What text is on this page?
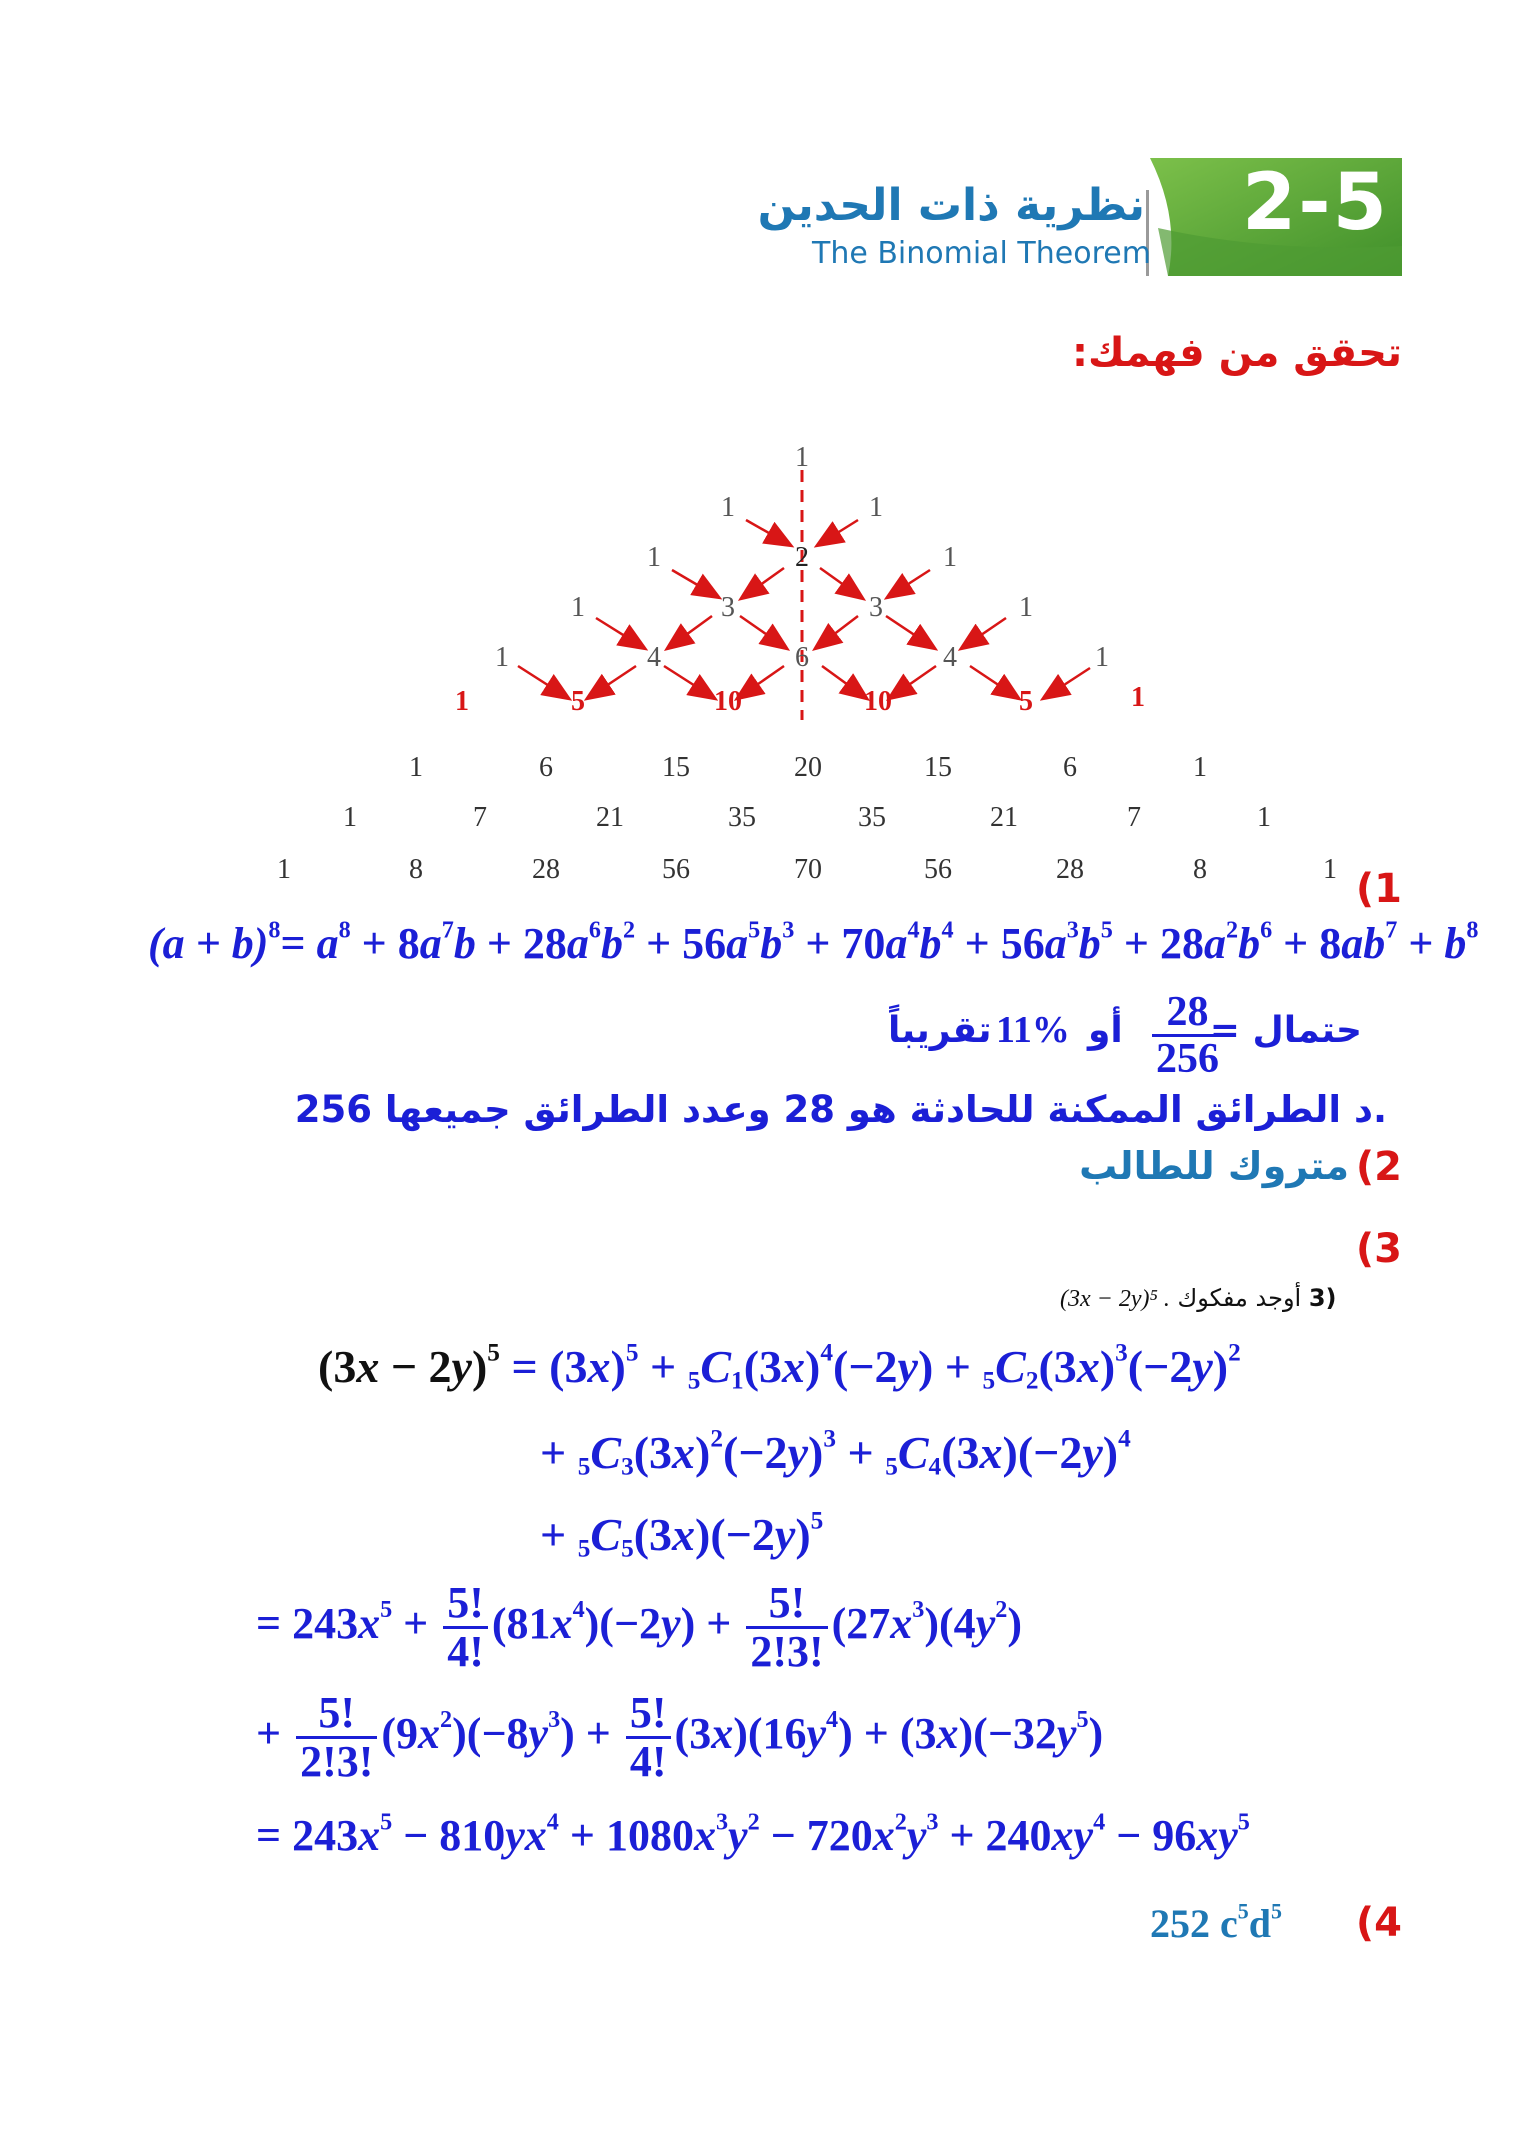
2-5
نظرية ذات الحدين
The Binomial Theorem
تحقق من فهمك:
1
1	1
1	2	1
1	3	3	1
1	4	6	4	1
1	5	10	10	5	1
1	6	15	20	15	6	1
1	7	21	35	35	21	7	1
1	8	28	56	70	56	28	8	1 1)
$(a + b)^8= a^8 + 8a^7b + 28a^6b^2 + 56a^5b^3 + 70a^4b^4 + 56a^3b^5 + 28a^2b^6 + 8ab^7 + b^8$
حتمال =
$\frac{28}{256}$
أو
11%
تقريباً
.د الطرائق الممكنة للحادثة هو 28 وعدد الطرائق جميعها 256
2)
متروك للطالب
3)
(3x − 2y)⁵ . أوجد مفكوك 3)
$(3x - 2y)^5 = (3x)^5 + _5C_1(3x)^4(-2y) + _5C_2(3x)^3(-2y)^2$
+ $_5C_3(3x)^2(-2y)^3 + _5C_4(3x)(-2y)^4$
+ $_5C_5(3x)(-2y)^5$
= $243x^5 + \frac{5!}{4!} (81x^4)(-2y) + \frac{5!}{2!3!} (27x^3)(4y^2)$
+ $\frac{5!}{2!3!} (9x^2)(-8y^3) + \frac{5!}{4!} (3x)(16y^4) + (3x)(-32y^5)$
= $243x^5 - 810yx^4 + 1080x^3y^2 - 720x^2y^3 + 240xy^4 - 96xy^5$
4)
252 $c^5d^5$
